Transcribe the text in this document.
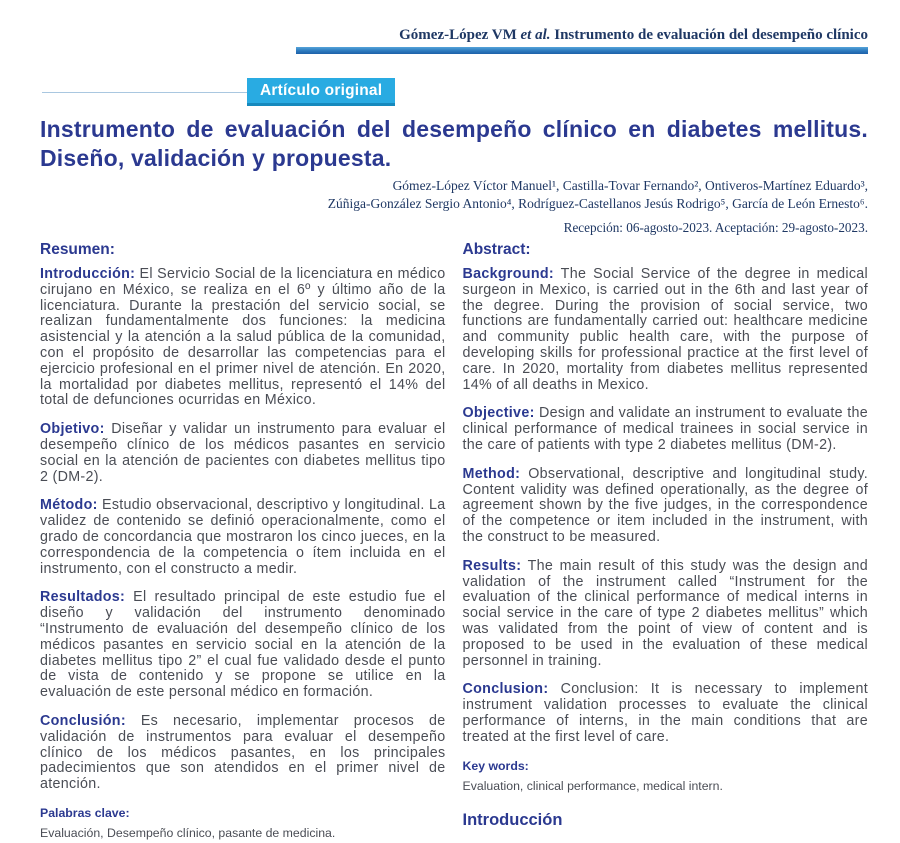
Gómez-López VM et al. Instrumento de evaluación del desempeño clínico
Artículo original
Instrumento de evaluación del desempeño clínico en diabetes mellitus. Diseño, validación y propuesta.
Gómez-López Víctor Manuel¹, Castilla-Tovar Fernando², Ontiveros-Martínez Eduardo³,
Zúñiga-González Sergio Antonio⁴, Rodríguez-Castellanos Jesús Rodrigo⁵, García de León Ernesto⁶.
Recepción: 06-agosto-2023. Aceptación: 29-agosto-2023.
Resumen:

Introducción: El Servicio Social de la licenciatura en médico cirujano en México, se realiza en el 6º y último año de la licenciatura. Durante la prestación del servicio social, se realizan fundamentalmente dos funciones: la medicina asistencial y la atención a la salud pública de la comunidad, con el propósito de desarrollar las competencias para el ejercicio profesional en el primer nivel de atención. En 2020, la mortalidad por diabetes mellitus, representó el 14% del total de defunciones ocurridas en México.

Objetivo: Diseñar y validar un instrumento para evaluar el desempeño clínico de los médicos pasantes en servicio social en la atención de pacientes con diabetes mellitus tipo 2 (DM-2).

Método: Estudio observacional, descriptivo y longitudinal. La validez de contenido se definió operacionalmente, como el grado de concordancia que mostraron los cinco jueces, en la correspondencia de la competencia o ítem incluida en el instrumento, con el constructo a medir.

Resultados: El resultado principal de este estudio fue el diseño y validación del instrumento denominado “Instrumento de evaluación del desempeño clínico de los médicos pasantes en servicio social en la atención de la diabetes mellitus tipo 2” el cual fue validado desde el punto de vista de contenido y se propone se utilice en la evaluación de este personal médico en formación.

Conclusión: Es necesario, implementar procesos de validación de instrumentos para evaluar el desempeño clínico de los médicos pasantes, en los principales padecimientos que son atendidos en el primer nivel de atención.

Palabras clave:
Evaluación, Desempeño clínico, pasante de medicina.
Abstract:

Background: The Social Service of the degree in medical surgeon in Mexico, is carried out in the 6th and last year of the degree. During the provision of social service, two functions are fundamentally carried out: healthcare medicine and community public health care, with the purpose of developing skills for professional practice at the first level of care. In 2020, mortality from diabetes mellitus represented 14% of all deaths in Mexico.

Objective: Design and validate an instrument to evaluate the clinical performance of medical trainees in social service in the care of patients with type 2 diabetes mellitus (DM-2).

Method: Observational, descriptive and longitudinal study. Content validity was defined operationally, as the degree of agreement shown by the five judges, in the correspondence of the competence or item included in the instrument, with the construct to be measured.

Results: The main result of this study was the design and validation of the instrument called “Instrument for the evaluation of the clinical performance of medical interns in social service in the care of type 2 diabetes mellitus” which was validated from the point of view of content and is proposed to be used in the evaluation of these medical personnel in training.

Conclusion: Conclusion: It is necessary to implement instrument validation processes to evaluate the clinical performance of interns, in the main conditions that are treated at the first level of care.

Key words:
Evaluation, clinical performance, medical intern.
Introducción
